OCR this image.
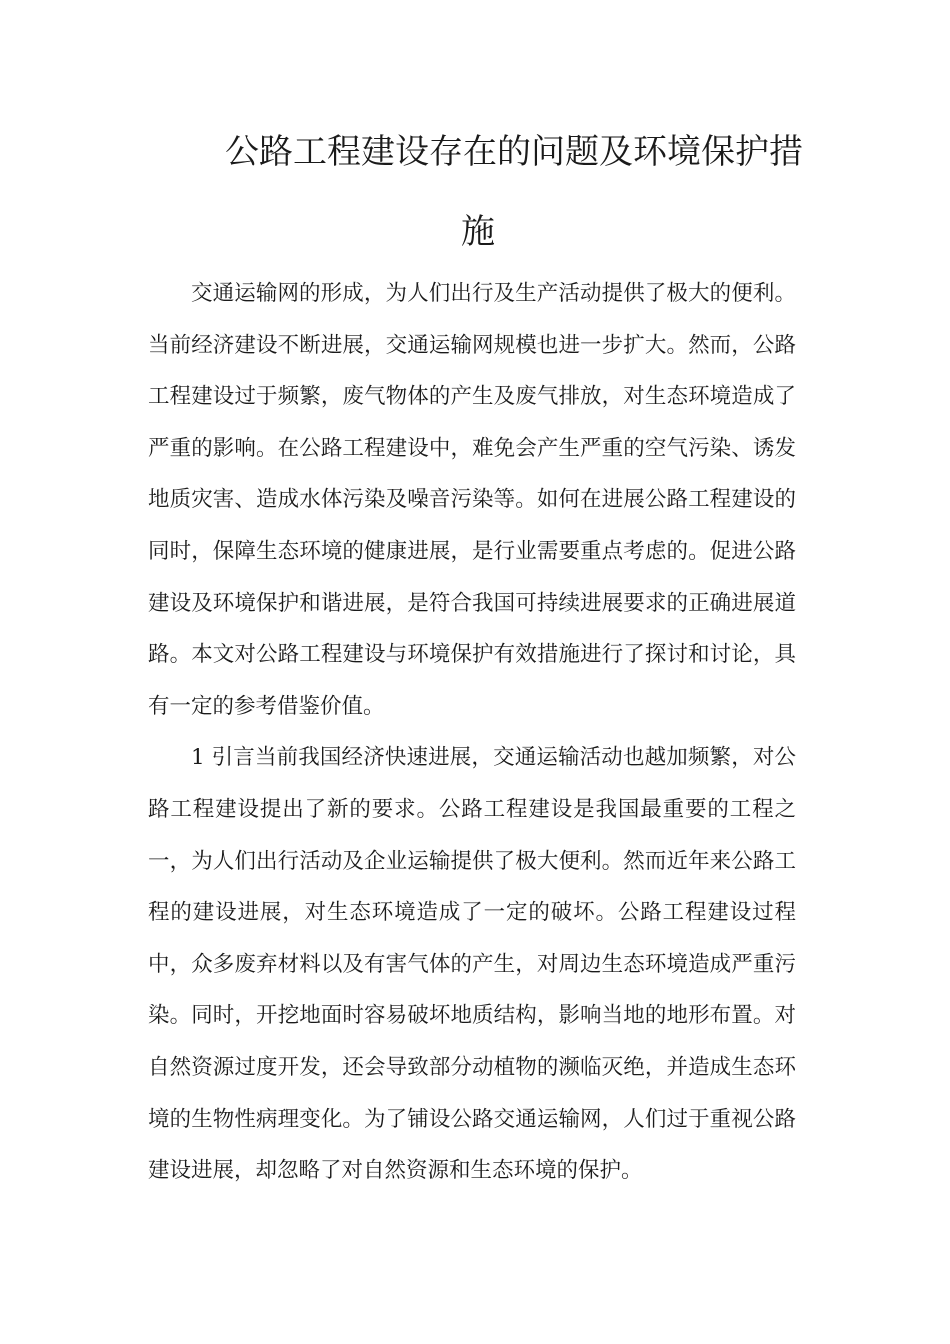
公路工程建设存在的问题及环境保护措
施

交通运输网的形成，为人们出行及生产活动提供了极大的便利。当前经济建设不断进展，交通运输网规模也进一步扩大。然而，公路工程建设过于频繁，废气物体的产生及废气排放，对生态环境造成了严重的影响。在公路工程建设中，难免会产生严重的空气污染、诱发地质灾害、造成水体污染及噪音污染等。如何在进展公路工程建设的同时，保障生态环境的健康进展，是行业需要重点考虑的。促进公路建设及环境保护和谐进展，是符合我国可持续进展要求的正确进展道路。本文对公路工程建设与环境保护有效措施进行了探讨和讨论，具有一定的参考借鉴价值。

1 引言当前我国经济快速进展，交通运输活动也越加频繁，对公路工程建设提出了新的要求。公路工程建设是我国最重要的工程之一，为人们出行活动及企业运输提供了极大便利。然而近年来公路工程的建设进展，对生态环境造成了一定的破坏。公路工程建设过程中，众多废弃材料以及有害气体的产生，对周边生态环境造成严重污染。同时，开挖地面时容易破坏地质结构，影响当地的地形布置。对自然资源过度开发，还会导致部分动植物的濒临灭绝，并造成生态环境的生物性病理变化。为了铺设公路交通运输网，人们过于重视公路建设进展，却忽略了对自然资源和生态环境的保护。
